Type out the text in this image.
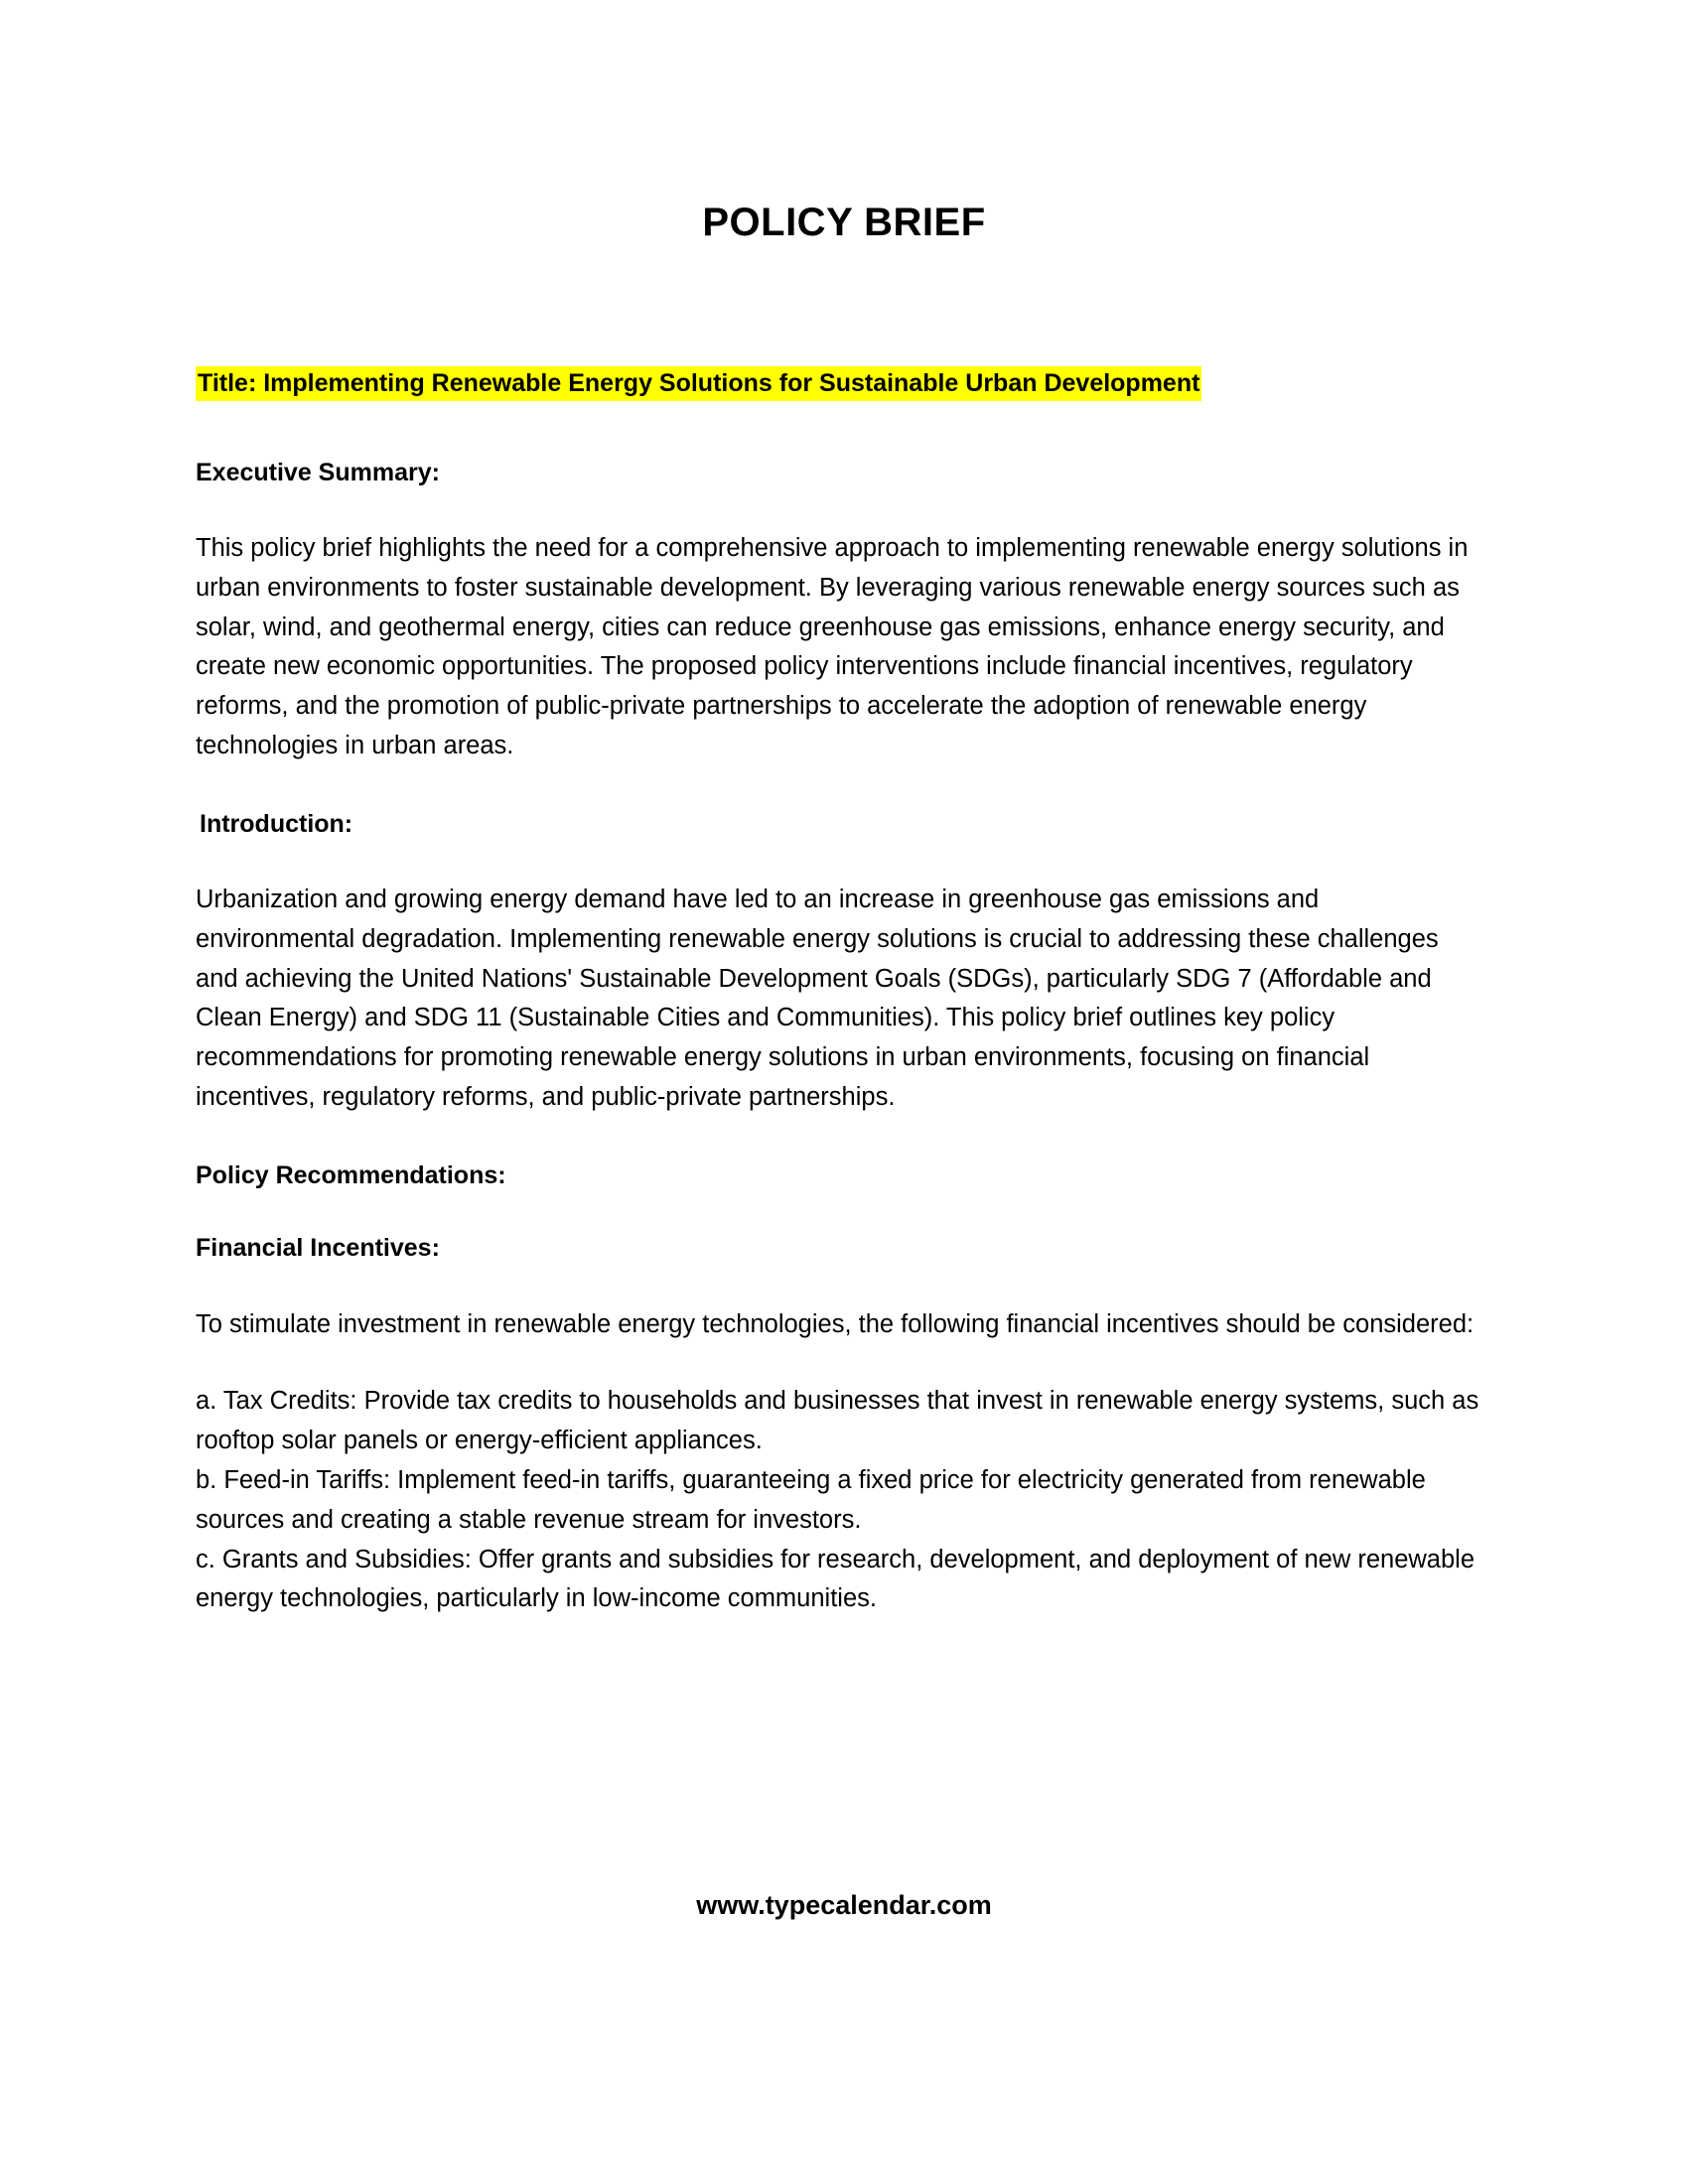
POLICY BRIEF

Title: Implementing Renewable Energy Solutions for Sustainable Urban Development

Executive Summary:

This policy brief highlights the need for a comprehensive approach to implementing renewable energy solutions in urban environments to foster sustainable development. By leveraging various renewable energy sources such as solar, wind, and geothermal energy, cities can reduce greenhouse gas emissions, enhance energy security, and create new economic opportunities. The proposed policy interventions include financial incentives, regulatory reforms, and the promotion of public-private partnerships to accelerate the adoption of renewable energy technologies in urban areas.

Introduction:

Urbanization and growing energy demand have led to an increase in greenhouse gas emissions and environmental degradation. Implementing renewable energy solutions is crucial to addressing these challenges and achieving the United Nations' Sustainable Development Goals (SDGs), particularly SDG 7 (Affordable and Clean Energy) and SDG 11 (Sustainable Cities and Communities). This policy brief outlines key policy recommendations for promoting renewable energy solutions in urban environments, focusing on financial incentives, regulatory reforms, and public-private partnerships.

Policy Recommendations:

Financial Incentives:

To stimulate investment in renewable energy technologies, the following financial incentives should be considered:

a. Tax Credits: Provide tax credits to households and businesses that invest in renewable energy systems, such as rooftop solar panels or energy-efficient appliances.

b. Feed-in Tariffs: Implement feed-in tariffs, guaranteeing a fixed price for electricity generated from renewable sources and creating a stable revenue stream for investors.

c. Grants and Subsidies: Offer grants and subsidies for research, development, and deployment of new renewable energy technologies, particularly in low-income communities.

www.typecalendar.com
